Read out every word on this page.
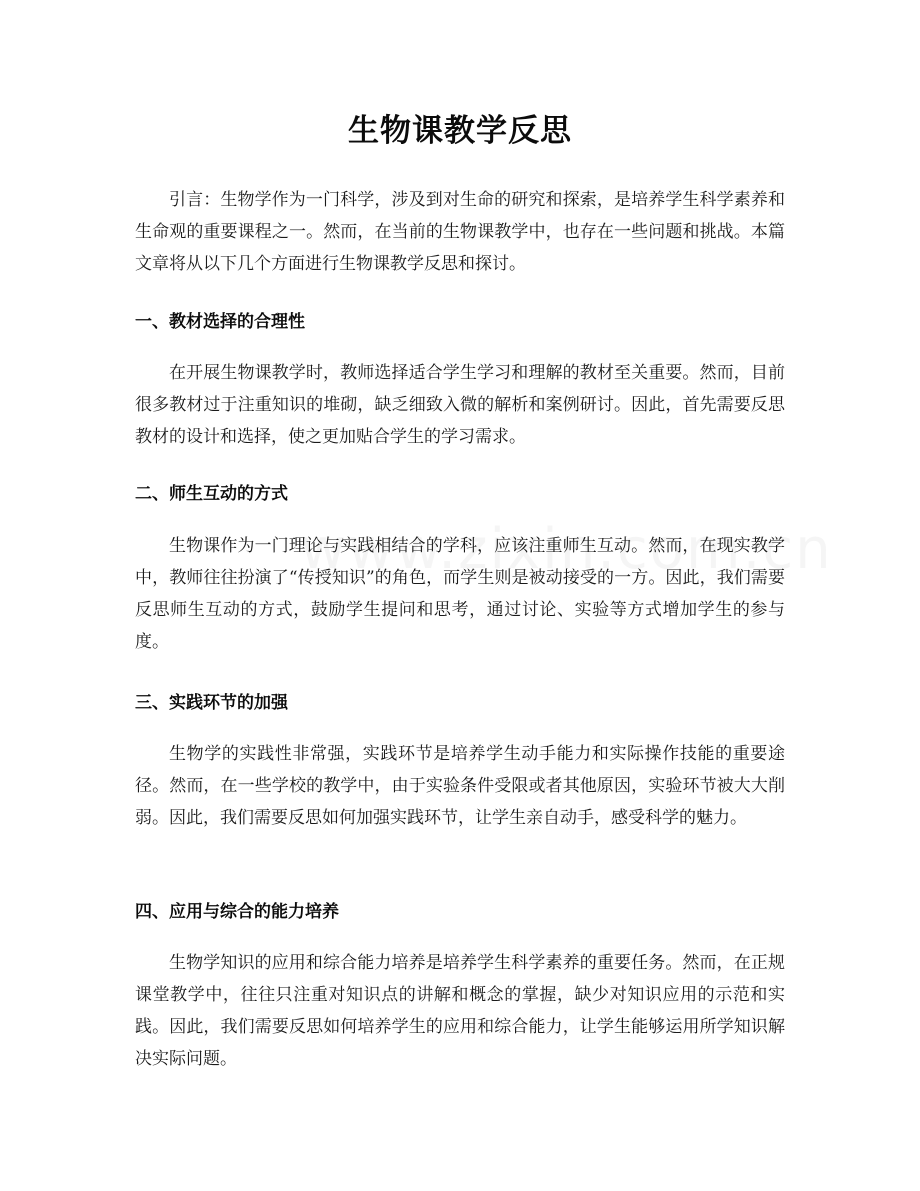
生物课教学反思

引言：生物学作为一门科学，涉及到对生命的研究和探索，是培养学生科学素养和生命观的重要课程之一。然而，在当前的生物课教学中，也存在一些问题和挑战。本篇文章将从以下几个方面进行生物课教学反思和探讨。

一、教材选择的合理性

在开展生物课教学时，教师选择适合学生学习和理解的教材至关重要。然而，目前很多教材过于注重知识的堆砌，缺乏细致入微的解析和案例研讨。因此，首先需要反思教材的设计和选择，使之更加贴合学生的学习需求。

二、师生互动的方式

生物课作为一门理论与实践相结合的学科，应该注重师生互动。然而，在现实教学中，教师往往扮演了“传授知识”的角色，而学生则是被动接受的一方。因此，我们需要反思师生互动的方式，鼓励学生提问和思考，通过讨论、实验等方式增加学生的参与度。

三、实践环节的加强

生物学的实践性非常强，实践环节是培养学生动手能力和实际操作技能的重要途径。然而，在一些学校的教学中，由于实验条件受限或者其他原因，实验环节被大大削弱。因此，我们需要反思如何加强实践环节，让学生亲自动手，感受科学的魅力。

四、应用与综合的能力培养

生物学知识的应用和综合能力培养是培养学生科学素养的重要任务。然而，在正规课堂教学中，往往只注重对知识点的讲解和概念的掌握，缺少对知识应用的示范和实践。因此，我们需要反思如何培养学生的应用和综合能力，让学生能够运用所学知识解决实际问题。
